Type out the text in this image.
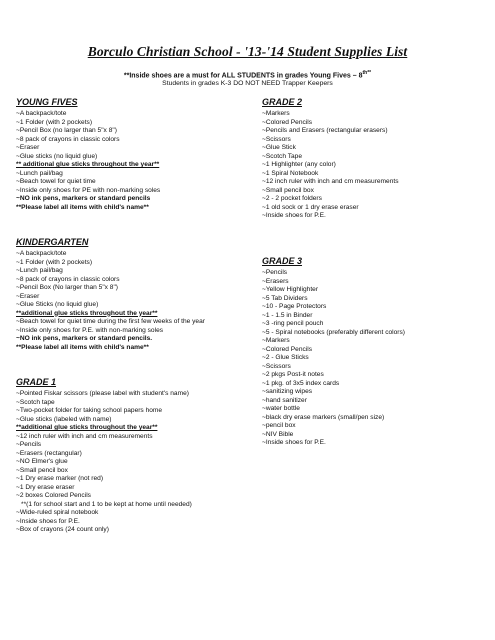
Borculo Christian School - '13-'14 Student Supplies List
**Inside shoes are a must for ALL STUDENTS in grades Young Fives – $8^{th**}$
Students in grades K-3 DO NOT NEED Trapper Keepers
YOUNG FIVES
~A backpack/tote
~1 Folder (with 2 pockets)
~Pencil Box (no larger than 5"x 8")
~8 pack of crayons in classic colors
~Eraser
~Glue sticks (no liquid glue)
** additional glue sticks throughout the year**
~Lunch pail/bag
~Beach towel for quiet time
~Inside only shoes for PE with non-marking soles
~NO ink pens, markers or standard pencils
**Please label all items with child's name**
KINDERGARTEN
~A backpack/tote
~1 Folder (with 2 pockets)
~Lunch pail/bag
~8 pack of crayons in classic colors
~Pencil Box (No larger than 5"x 8")
~Eraser
~Glue Sticks (no liquid glue)
**additional glue sticks throughout the year**
~Beach towel for quiet time during the first few weeks of the year
~Inside only shoes for P.E. with non-marking soles
~NO ink pens, markers or standard pencils.
**Please label all items with child's name**
GRADE 1
~Pointed Fiskar scissors (please label with student's name)
~Scotch tape
~Two-pocket folder for taking school papers home
~Glue sticks (labeled with name)
**additional glue sticks throughout the year**
~12 inch ruler with inch and cm measurements
~Pencils
~Erasers (rectangular)
~NO Elmer's glue
~Small pencil box
~1 Dry erase marker (not red)
~1 Dry erase eraser
~2 boxes Colored Pencils
**(1 for school start and 1 to be kept at home until needed)
~Wide-ruled spiral notebook
~Inside shoes for P.E.
~Box of crayons (24 count only)
GRADE 2
~Markers
~Colored Pencils
~Pencils and Erasers (rectangular erasers)
~Scissors
~Glue Stick
~Scotch Tape
~1 Highlighter (any color)
~1 Spiral Notebook
~12 inch ruler with inch and cm measurements
~Small pencil box
~2 - 2 pocket folders
~1 old sock or 1 dry erase eraser
~Inside shoes for P.E.
GRADE 3
~Pencils
~Erasers
~Yellow Highlighter
~5 Tab Dividers
~10 - Page Protectors
~1 - 1.5 in Binder
~3 -ring pencil pouch
~5 - Spiral notebooks (preferably different colors)
~Markers
~Colored Pencils
~2 - Glue Sticks
~Scissors
~2 pkgs Post-it notes
~1 pkg. of 3x5 index cards
~sanitizing wipes
~hand sanitizer
~water bottle
~black dry erase markers (small/pen size)
~pencil box
~NIV Bible
~Inside shoes for P.E.
